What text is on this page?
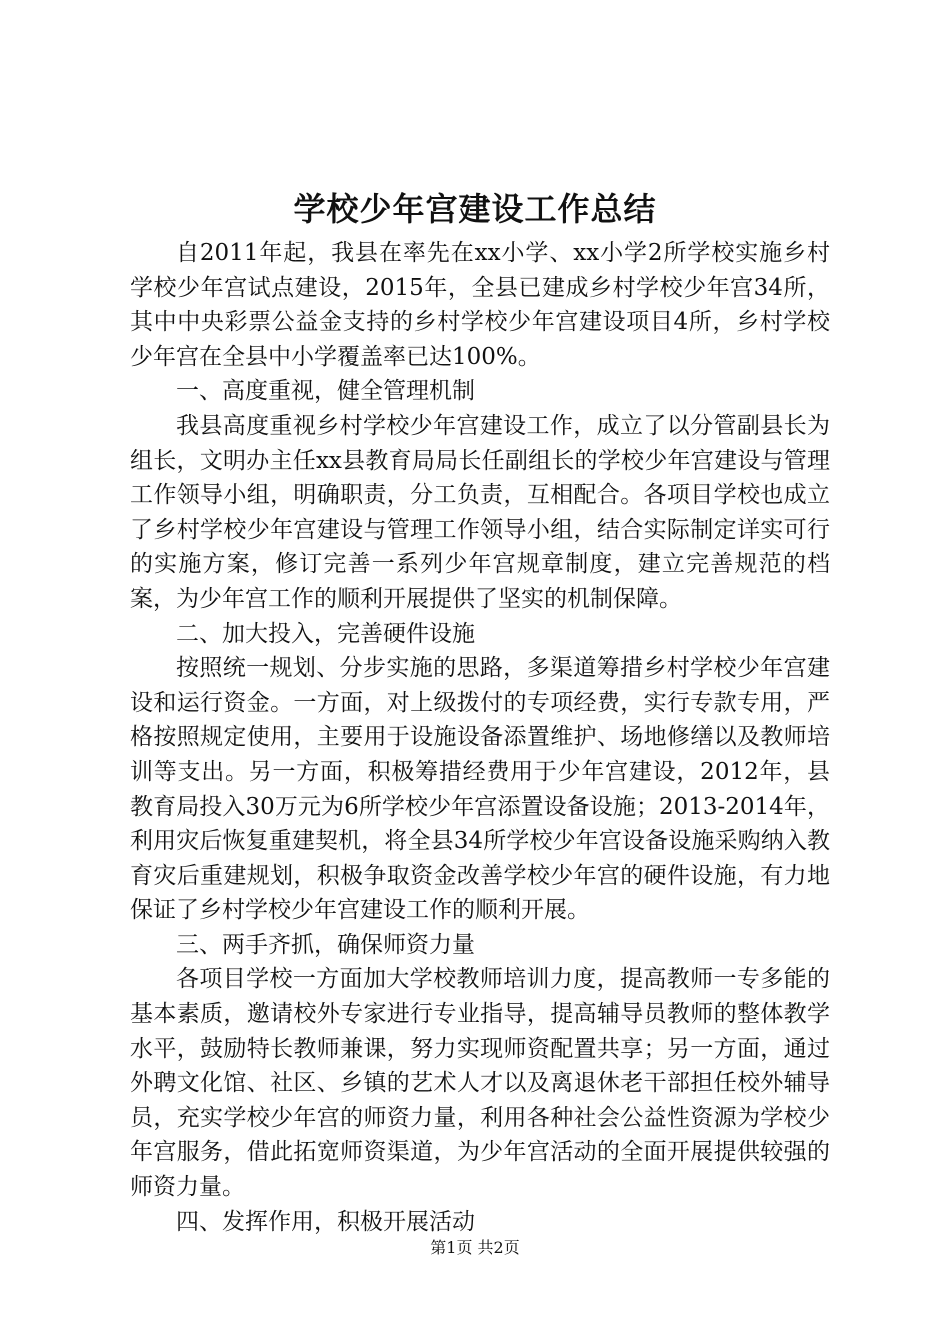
学校少年宫建设工作总结

自2011年起，我县在率先在xx小学、xx小学2所学校实施乡村学校少年宫试点建设，2015年，全县已建成乡村学校少年宫34所，其中中央彩票公益金支持的乡村学校少年宫建设项目4所，乡村学校少年宫在全县中小学覆盖率已达100%。

一、高度重视，健全管理机制

我县高度重视乡村学校少年宫建设工作，成立了以分管副县长为组长，文明办主任xx县教育局局长任副组长的学校少年宫建设与管理工作领导小组，明确职责，分工负责，互相配合。各项目学校也成立了乡村学校少年宫建设与管理工作领导小组，结合实际制定详实可行的实施方案，修订完善一系列少年宫规章制度，建立完善规范的档案，为少年宫工作的顺利开展提供了坚实的机制保障。

二、加大投入，完善硬件设施

按照统一规划、分步实施的思路，多渠道筹措乡村学校少年宫建设和运行资金。一方面，对上级拨付的专项经费，实行专款专用，严格按照规定使用，主要用于设施设备添置维护、场地修缮以及教师培训等支出。另一方面，积极筹措经费用于少年宫建设，2012年，县教育局投入30万元为6所学校少年宫添置设备设施；2013-2014年，利用灾后恢复重建契机，将全县34所学校少年宫设备设施采购纳入教育灾后重建规划，积极争取资金改善学校少年宫的硬件设施，有力地保证了乡村学校少年宫建设工作的顺利开展。

三、两手齐抓，确保师资力量

各项目学校一方面加大学校教师培训力度，提高教师一专多能的基本素质，邀请校外专家进行专业指导，提高辅导员教师的整体教学水平，鼓励特长教师兼课，努力实现师资配置共享；另一方面，通过外聘文化馆、社区、乡镇的艺术人才以及离退休老干部担任校外辅导员，充实学校少年宫的师资力量，利用各种社会公益性资源为学校少年宫服务，借此拓宽师资渠道，为少年宫活动的全面开展提供较强的师资力量。

四、发挥作用，积极开展活动

第1页 共2页
